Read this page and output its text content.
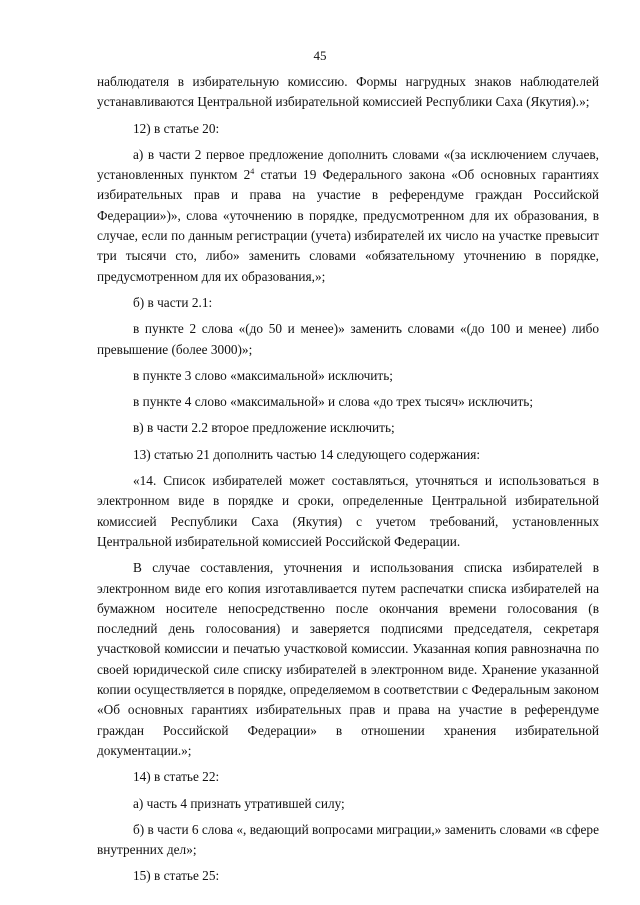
45

наблюдателя в избирательную комиссию. Формы нагрудных знаков наблюдателей устанавливаются Центральной избирательной комиссией Республики Саха (Якутия).»;

12) в статье 20:

а) в части 2 первое предложение дополнить словами «(за исключением случаев, установленных пунктом $2^4$ статьи 19 Федерального закона «Об основных гарантиях избирательных прав и права на участие в референдуме граждан Российской Федерации»)», слова «уточнению в порядке, предусмотренном для их образования, в случае, если по данным регистрации (учета) избирателей их число на участке превысит три тысячи сто, либо» заменить словами «обязательному уточнению в порядке, предусмотренном для их образования,»;

б) в части 2.1:

в пункте 2 слова «(до 50 и менее)» заменить словами «(до 100 и менее) либо превышение (более 3000)»;

в пункте 3 слово «максимальной» исключить;

в пункте 4 слово «максимальной» и слова «до трех тысяч» исключить;

в) в части 2.2 второе предложение исключить;

13) статью 21 дополнить частью 14 следующего содержания:

«14. Список избирателей может составляться, уточняться и использоваться в электронном виде в порядке и сроки, определенные Центральной избирательной комиссией Республики Саха (Якутия) с учетом требований, установленных Центральной избирательной комиссией Российской Федерации.

В случае составления, уточнения и использования списка избирателей в электронном виде его копия изготавливается путем распечатки списка избирателей на бумажном носителе непосредственно после окончания времени голосования (в последний день голосования) и заверяется подписями председателя, секретаря участковой комиссии и печатью участковой комиссии. Указанная копия равнозначна по своей юридической силе списку избирателей в электронном виде. Хранение указанной копии осуществляется в порядке, определяемом в соответствии с Федеральным законом «Об основных гарантиях избирательных прав и права на участие в референдуме граждан Российской Федерации» в отношении хранения избирательной документации.»;

14) в статье 22:

а) часть 4 признать утратившей силу;

б) в части 6 слова «, ведающий вопросами миграции,» заменить словами «в сфере внутренних дел»;

15) в статье 25:
